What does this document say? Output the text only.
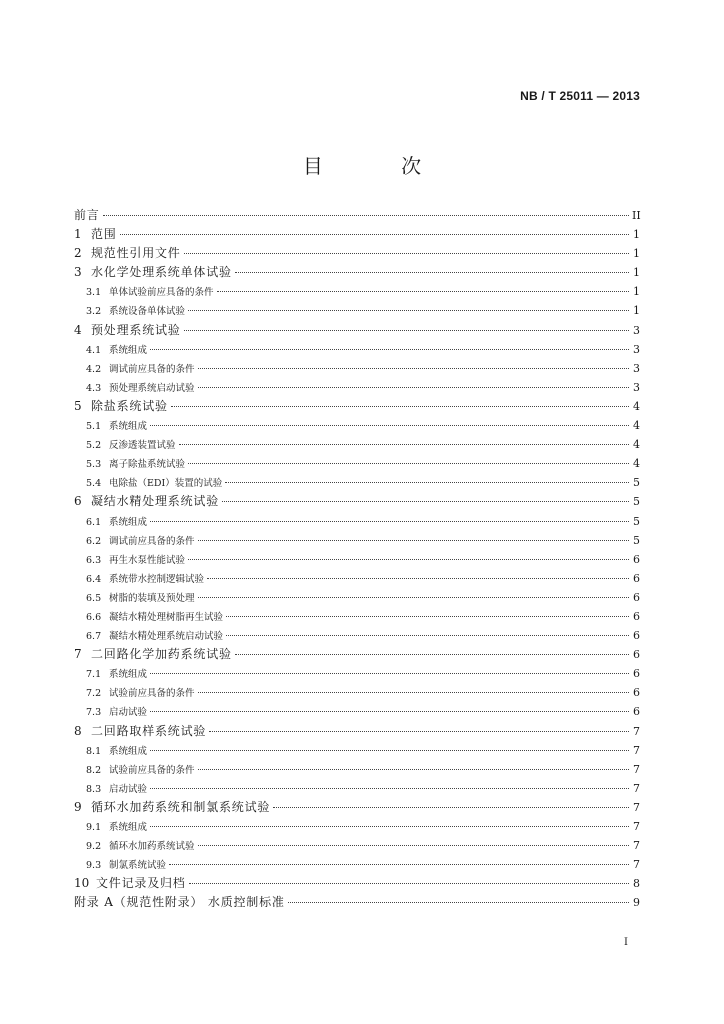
NB / T 25011 — 2013
目 次
前言	II
1 范围	1
2 规范性引用文件	1
3 水化学处理系统单体试验	1
3.1 单体试验前应具备的条件	1
3.2 系统设备单体试验	1
4 预处理系统试验	3
4.1 系统组成	3
4.2 调试前应具备的条件	3
4.3 预处理系统启动试验	3
5 除盐系统试验	4
5.1 系统组成	4
5.2 反渗透装置试验	4
5.3 离子除盐系统试验	4
5.4 电除盐（EDI）装置的试验	5
6 凝结水精处理系统试验	5
6.1 系统组成	5
6.2 调试前应具备的条件	5
6.3 再生水泵性能试验	6
6.4 系统带水控制逻辑试验	6
6.5 树脂的装填及预处理	6
6.6 凝结水精处理树脂再生试验	6
6.7 凝结水精处理系统启动试验	6
7 二回路化学加药系统试验	6
7.1 系统组成	6
7.2 试验前应具备的条件	6
7.3 启动试验	6
8 二回路取样系统试验	7
8.1 系统组成	7
8.2 试验前应具备的条件	7
8.3 启动试验	7
9 循环水加药系统和制氯系统试验	7
9.1 系统组成	7
9.2 循环水加药系统试验	7
9.3 制氯系统试验	7
10 文件记录及归档	8
附录 A（规范性附录） 水质控制标准	9
I
